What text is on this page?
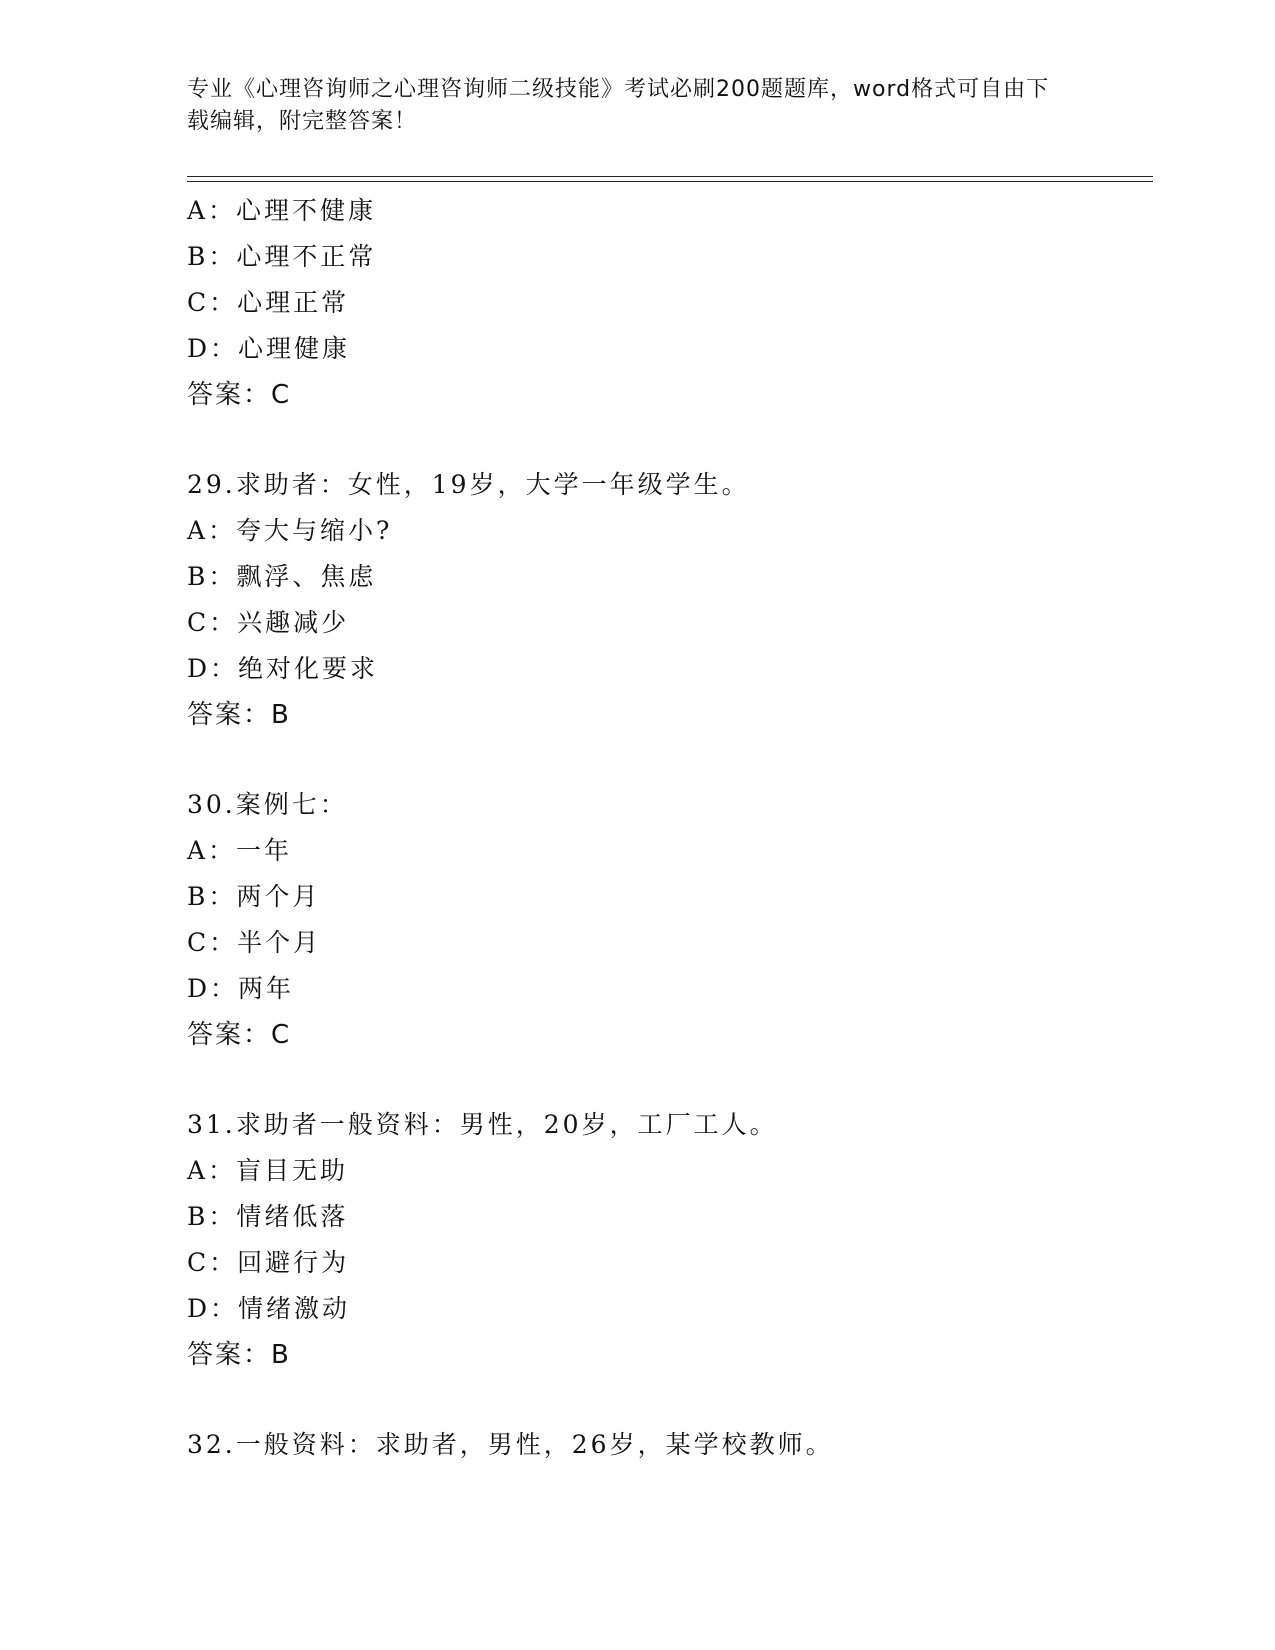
专业《心理咨询师之心理咨询师二级技能》考试必刷200题题库，word格式可自由下载编辑，附完整答案！
A：心理不健康
B：心理不正常
C：心理正常
D：心理健康
答案：C
29.求助者：女性，19岁，大学一年级学生。
A：夸大与缩小?
B：飘浮、焦虑
C：兴趣减少
D：绝对化要求
答案：B
30.案例七：
A：一年
B：两个月
C：半个月
D：两年
答案：C
31.求助者一般资料：男性，20岁，工厂工人。
A：盲目无助
B：情绪低落
C：回避行为
D：情绪激动
答案：B
32.一般资料：求助者，男性，26岁，某学校教师。
